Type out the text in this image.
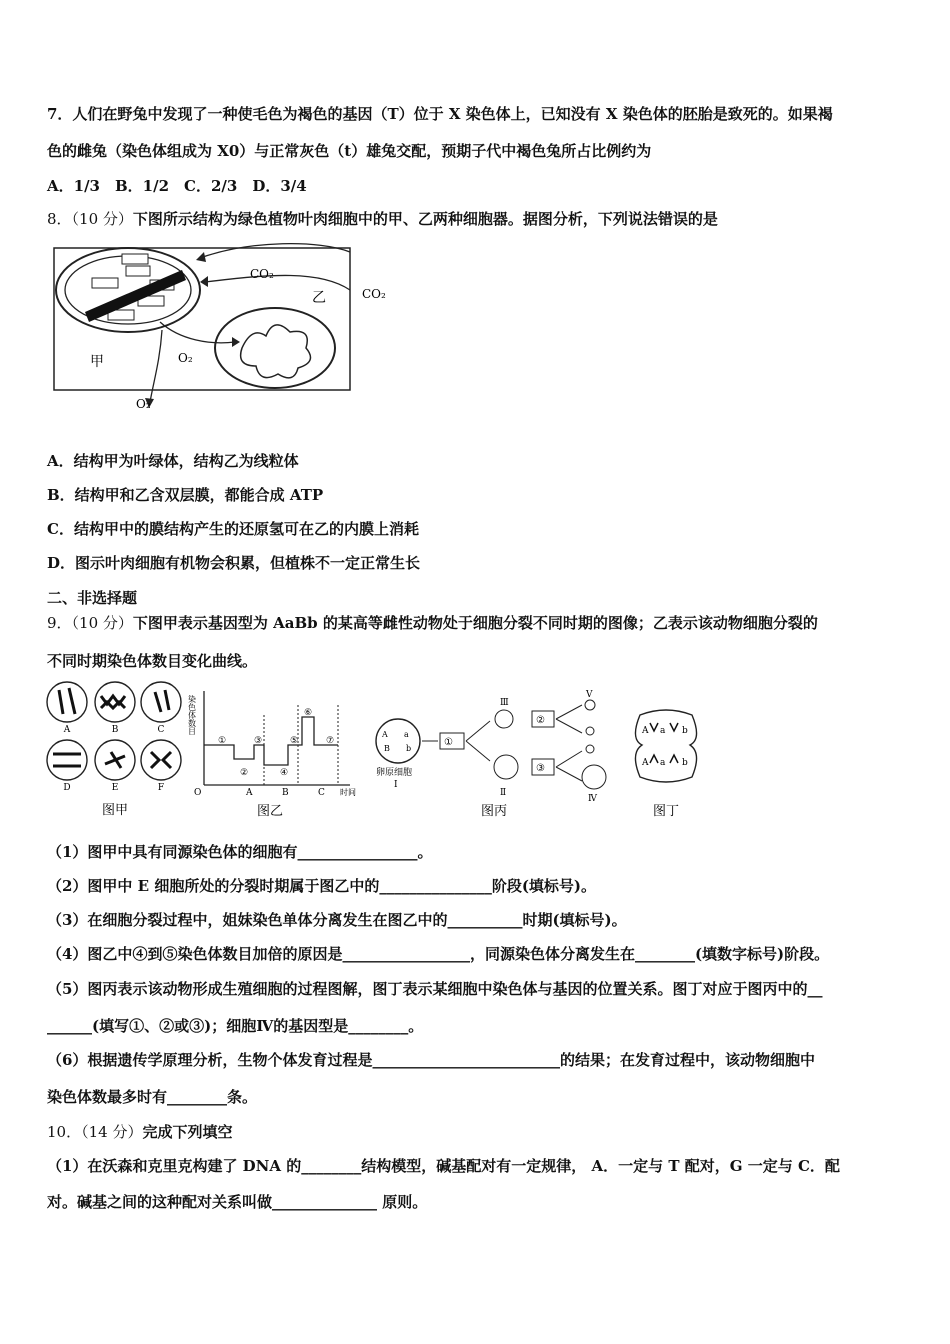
7．人们在野兔中发现了一种使毛色为褐色的基因（T）位于 X 染色体上，已知没有 X 染色体的胚胎是致死的。如果褐
色的雌兔（染色体组成为 X0）与正常灰色（t）雄兔交配，预期子代中褐色兔所占比例约为
A．1/3　B．1/2　C．2/3　D．3/4
8．（10 分）下图所示结构为绿色植物叶肉细胞中的甲、乙两种细胞器。据图分析，下列说法错误的是
CO₂
CO₂
乙
甲	O₂
O₂
A．结构甲为叶绿体，结构乙为线粒体
B．结构甲和乙含双层膜，都能合成 ATP
C．结构甲中的膜结构产生的还原氢可在乙的内膜上消耗
D．图示叶肉细胞有机物会积累，但植株不一定正常生长
二、非选择题
9．（10 分）下图甲表示基因型为 AaBb 的某高等雌性动物处于细胞分裂不同时期的图像；乙表示该动物细胞分裂的
不同时期染色体数目变化曲线。
A	B	C
D	E	F
图甲
染色体数目
O	时间
①
②
③
④
⑤
⑥
⑦
A	B	C
图乙
A a
B b
①
Ⅲ
Ⅱ
②
③
Ⅴ
Ⅳ
卵原细胞
Ⅰ
图丙
A a b
A a b
图丁
（1）图甲中具有同源染色体的细胞有________________。
（2）图甲中 E 细胞所处的分裂时期属于图乙中的_______________阶段(填标号)。
（3）在细胞分裂过程中，姐妹染色单体分离发生在图乙中的__________时期(填标号)。
（4）图乙中④到⑤染色体数目加倍的原因是_________________，同源染色体分离发生在________(填数字标号)阶段。
（5）图丙表示该动物形成生殖细胞的过程图解，图丁表示某细胞中染色体与基因的位置关系。图丁对应于图丙中的__
______(填写①、②或③)；细胞Ⅳ的基因型是________。
（6）根据遗传学原理分析，生物个体发育过程是_________________________的结果；在发育过程中，该动物细胞中
染色体数最多时有________条。
10．（14 分）完成下列填空
（1）在沃森和克里克构建了 DNA 的________结构模型，碱基配对有一定规律， A．一定与 T 配对，G 一定与 C．配
对。碱基之间的这种配对关系叫做______________ 原则。
